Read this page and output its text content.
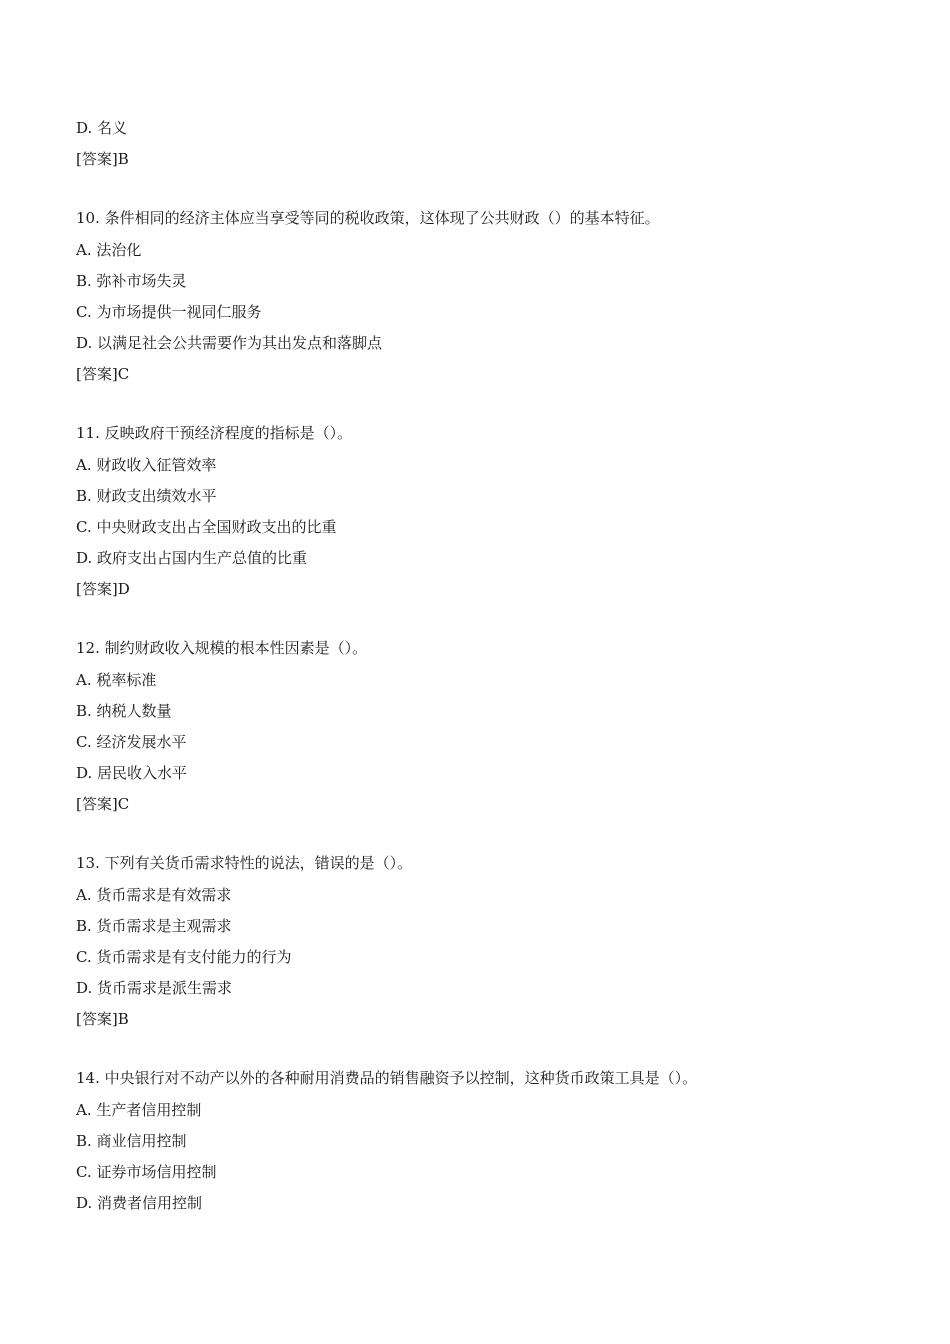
D. 名义
[答案]B
10. 条件相同的经济主体应当享受等同的税收政策，这体现了公共财政（）的基本特征。
A. 法治化
B. 弥补市场失灵
C. 为市场提供一视同仁服务
D. 以满足社会公共需要作为其出发点和落脚点
[答案]C
11. 反映政府干预经济程度的指标是（）。
A. 财政收入征管效率
B. 财政支出绩效水平
C. 中央财政支出占全国财政支出的比重
D. 政府支出占国内生产总值的比重
[答案]D
12. 制约财政收入规模的根本性因素是（）。
A. 税率标准
B. 纳税人数量
C. 经济发展水平
D. 居民收入水平
[答案]C
13. 下列有关货币需求特性的说法，错误的是（）。
A. 货币需求是有效需求
B. 货币需求是主观需求
C. 货币需求是有支付能力的行为
D. 货币需求是派生需求
[答案]B
14. 中央银行对不动产以外的各种耐用消费品的销售融资予以控制，这种货币政策工具是（）。
A. 生产者信用控制
B. 商业信用控制
C. 证券市场信用控制
D. 消费者信用控制
